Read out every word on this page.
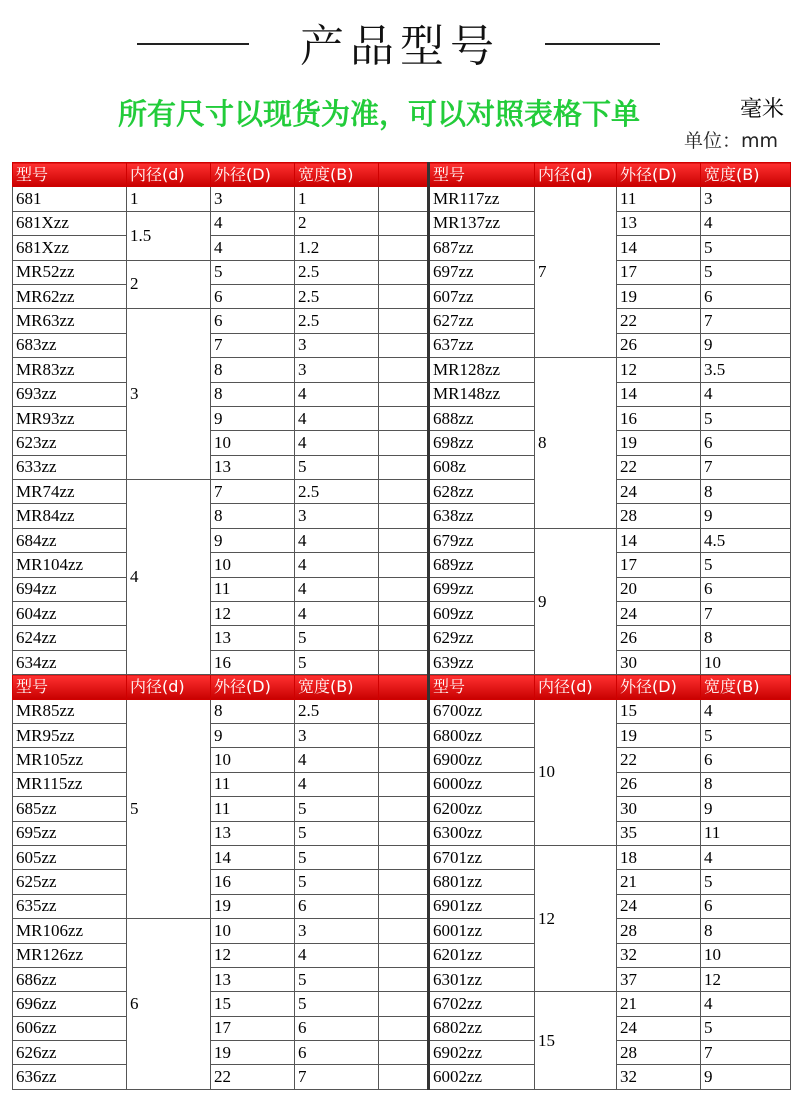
产品型号
所有尺寸以现货为准，可以对照表格下单	毫米
单位：mm
型号	内径(d)	外径(D)	宽度(B)		型号	内径(d)	外径(D)	宽度(B)
681	1	3	1		MR117zz	7	11	3
681Xzz	1.5	4	2		MR137zz		13	4
681Xzz		4	1.2		687zz		14	5
MR52zz	2	5	2.5		697zz		17	5
MR62zz		6	2.5		607zz		19	6
MR63zz	3	6	2.5		627zz		22	7
683zz		7	3		637zz		26	9
MR83zz		8	3		MR128zz	8	12	3.5
693zz		8	4		MR148zz		14	4
MR93zz		9	4		688zz		16	5
623zz		10	4		698zz		19	6
633zz		13	5		608z		22	7
MR74zz	4	7	2.5		628zz		24	8
MR84zz		8	3		638zz		28	9
684zz		9	4		679zz	9	14	4.5
MR104zz		10	4		689zz		17	5
694zz		11	4		699zz		20	6
604zz		12	4		609zz		24	7
624zz		13	5		629zz		26	8
634zz		16	5		639zz		30	10
型号	内径(d)	外径(D)	宽度(B)		型号	内径(d)	外径(D)	宽度(B)
MR85zz	5	8	2.5		6700zz	10	15	4
MR95zz		9	3		6800zz		19	5
MR105zz		10	4		6900zz		22	6
MR115zz		11	4		6000zz		26	8
685zz		11	5		6200zz		30	9
695zz		13	5		6300zz		35	11
605zz		14	5		6701zz	12	18	4
625zz		16	5		6801zz		21	5
635zz		19	6		6901zz		24	6
MR106zz	6	10	3		6001zz		28	8
MR126zz		12	4		6201zz		32	10
686zz		13	5		6301zz		37	12
696zz		15	5		6702zz	15	21	4
606zz		17	6		6802zz		24	5
626zz		19	6		6902zz		28	7
636zz		22	7		6002zz		32	9
